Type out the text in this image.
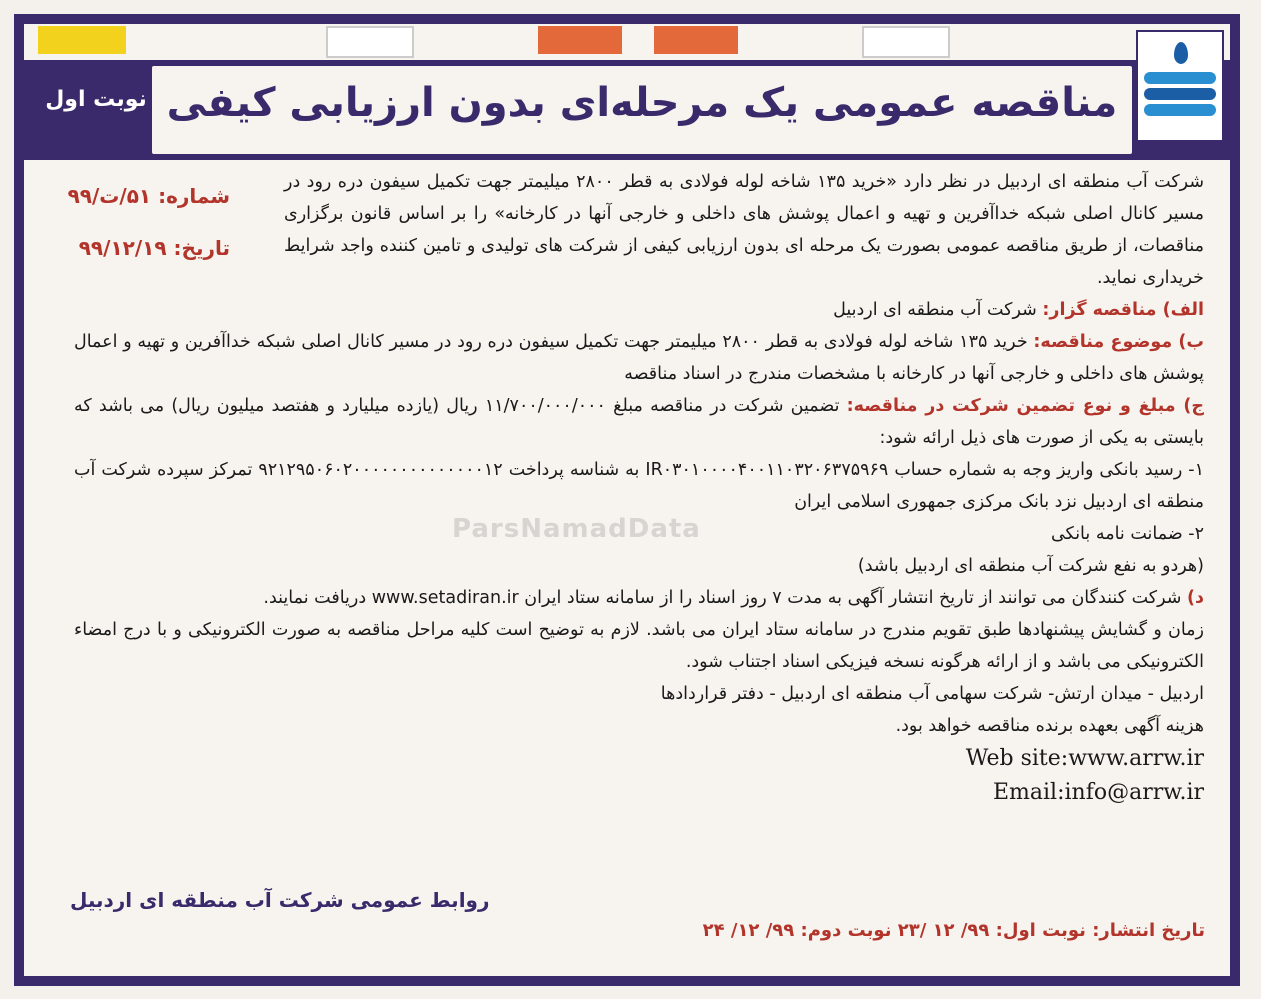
مناقصه عمومی یک مرحله‌ای بدون ارزیابی کیفی
نوبت اول
شماره: ۵۱/ت/۹۹
تاریخ: ۹۹/۱۲/۱۹
ParsNamadData

شرکت آب منطقه ای اردبیل در نظر دارد «خرید ۱۳۵ شاخه لوله فولادی به قطر ۲۸۰۰ میلیمتر جهت تکمیل سیفون دره رود در مسیر کانال اصلی شبکه خداآفرین و تهیه و اعمال پوشش های داخلی و خارجی آنها در کارخانه» را بر اساس قانون برگزاری مناقصات، از طریق مناقصه عمومی بصورت یک مرحله ای بدون ارزیابی کیفی از شرکت های تولیدی و تامین کننده واجد شرایط خریداری نماید.

الف) مناقصه گزار: شرکت آب منطقه ای اردبیل

ب) موضوع مناقصه: خرید ۱۳۵ شاخه لوله فولادی به قطر ۲۸۰۰ میلیمتر جهت تکمیل سیفون دره رود در مسیر کانال اصلی شبکه خداآفرین و تهیه و اعمال پوشش های داخلی و خارجی آنها در کارخانه با مشخصات مندرج در اسناد مناقصه

ج) مبلغ و نوع تضمین شرکت در مناقصه: تضمین شرکت در مناقصه مبلغ ۱۱/۷۰۰/۰۰۰/۰۰۰ ریال (یازده میلیارد و هفتصد میلیون ریال) می باشد که بایستی به یکی از صورت های ذیل ارائه شود:

۱- رسید بانکی واریز وجه به شماره حساب IR۰۳۰۱۰۰۰۰۴۰۰۱۱۰۳۲۰۶۳۷۵۹۶۹ به شناسه پرداخت ۹۲۱۲۹۵۰۶۰۲۰۰۰۰۰۰۰۰۰۰۰۰۰۰۱۲ تمرکز سپرده شرکت آب منطقه ای اردبیل نزد بانک مرکزی جمهوری اسلامی ایران

۲- ضمانت نامه بانکی

(هردو به نفع شرکت آب منطقه ای اردبیل باشد)

د) شرکت کنندگان می توانند از تاریخ انتشار آگهی به مدت ۷ روز اسناد را از سامانه ستاد ایران www.setadiran.ir دریافت نمایند.

زمان و گشایش پیشنهادها طبق تقویم مندرج در سامانه ستاد ایران می باشد. لازم به توضیح است کلیه مراحل مناقصه به صورت الکترونیکی و با درج امضاء الکترونیکی می باشد و از ارائه هرگونه نسخه فیزیکی اسناد اجتناب شود.

اردبیل - میدان ارتش- شرکت سهامی آب منطقه ای اردبیل - دفتر قراردادها

هزینه آگهی بعهده برنده مناقصه خواهد بود.

Web site:www.arrw.ir

Email:info@arrw.ir

روابط عمومی شرکت آب منطقه ای اردبیل
تاریخ انتشار: نوبت اول: ۹۹/ ۱۲ /۲۳ نوبت دوم: ۹۹/ ۱۲/ ۲۴
